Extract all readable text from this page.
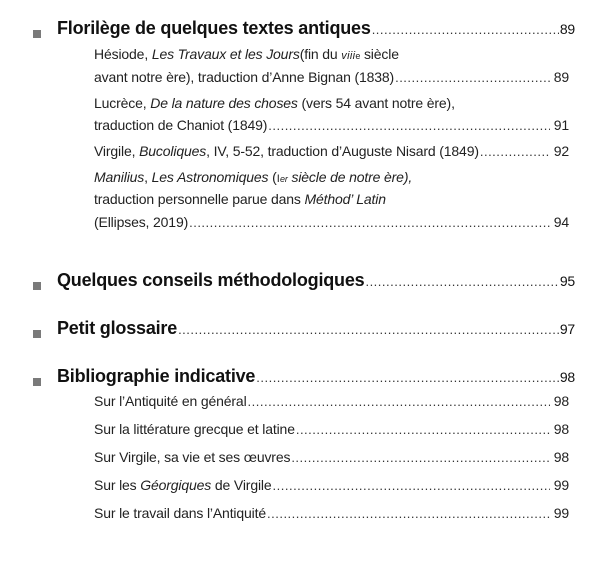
Florilège de quelques textes antiques .....	89
Hésiode , Les Travaux et les Jours (fin du viii e siècle
avant notre ère), traduction d’Anne Bignan (1838) .....	89
Lucrèce , De la nature des choses (vers 54 avant notre ère),
traduction de Chaniot (1849) .....	91
Virgile, Bucoliques, IV, 5-52, traduction d’Auguste Nisard (1849) .....	92
Manilius , Les Astronomiques ( I er siècle de notre ère),
traduction personnelle parue dans Méthod’ Latin
(Ellipses, 2019) .....	94
Quelques conseils méthodologiques .....	95
Petit glossaire .....	97
Bibliographie indicative .....	98
Sur l’Antiquité en général .....	98
Sur la littérature grecque et latine .....	98
Sur Virgile, sa vie et ses œuvres .....	98
Sur les Géorgiques de Virgile .....	99
Sur le travail dans l’Antiquité .....	99
